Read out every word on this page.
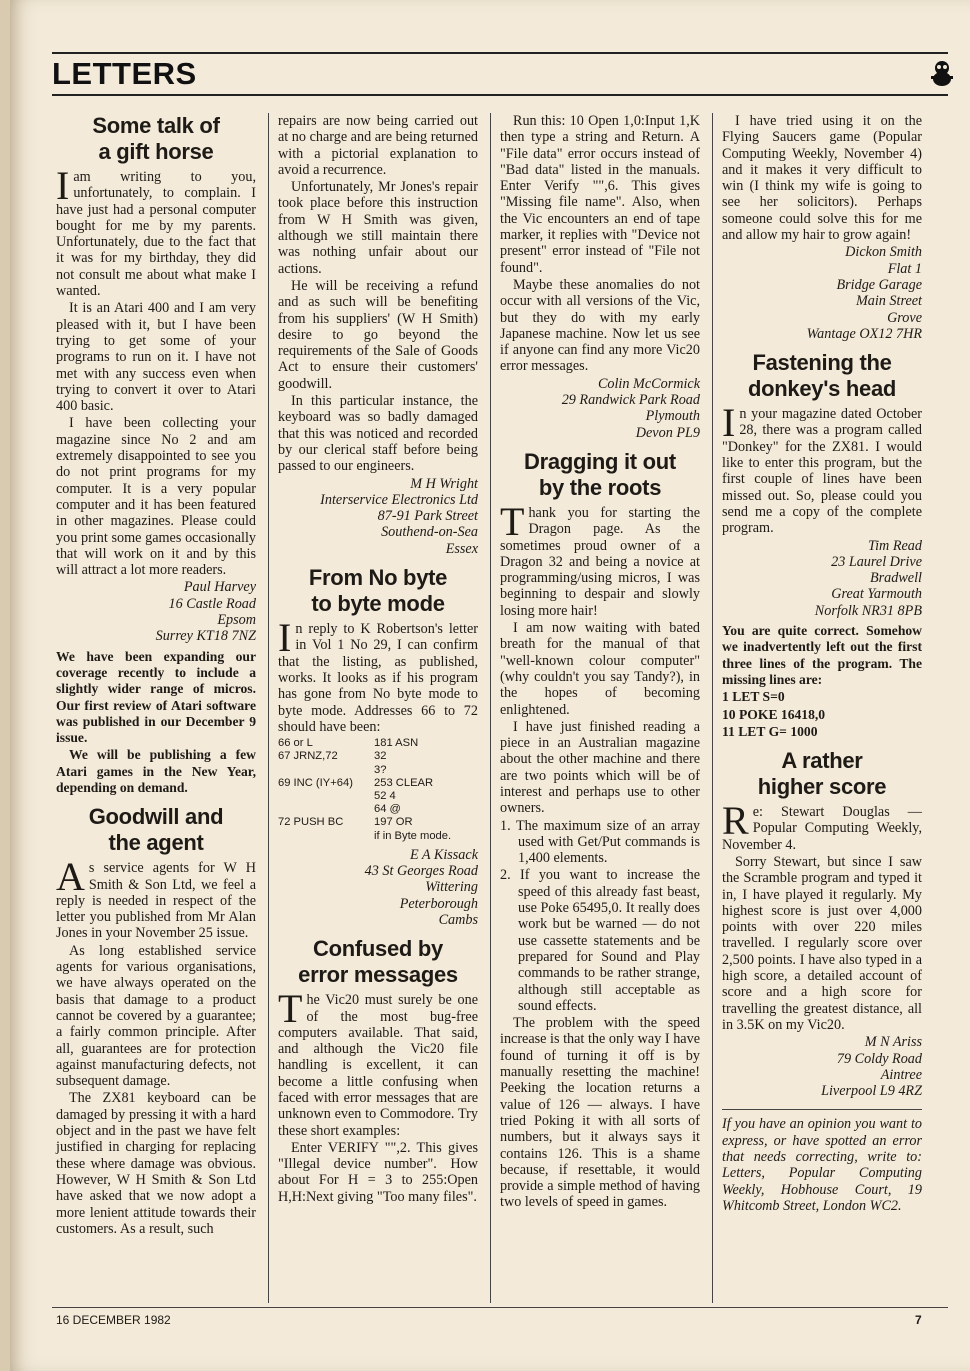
LETTERS
Some talk of
a gift horse

Iam writing to you, unfortunately, to complain. I have just had a personal computer bought for me by my parents. Unfortunately, due to the fact that it was for my birthday, they did not consult me about what make I wanted.

It is an Atari 400 and I am very pleased with it, but I have been trying to get some of your programs to run on it. I have not met with any success even when trying to convert it over to Atari 400 basic.

I have been collecting your magazine since No 2 and am extremely disappointed to see you do not print programs for my computer. It is a very popular computer and it has been featured in other magazines. Please could you print some games occasionally that will work on it and by this will attract a lot more readers.

Paul Harvey
16 Castle Road
Epsom
Surrey KT18 7NZ

We have been expanding our coverage recently to include a slightly wider range of micros. Our first review of Atari software was published in our December 9 issue.

We will be publishing a few Atari games in the New Year, depending on demand.

Goodwill and
the agent

As service agents for W H Smith & Son Ltd, we feel a reply is needed in respect of the letter you published from Mr Alan Jones in your November 25 issue.

As long established service agents for various organisations, we have always operated on the basis that damage to a product cannot be covered by a guarantee; a fairly common principle. After all, guarantees are for protection against manufacturing defects, not subsequent damage.

The ZX81 keyboard can be damaged by pressing it with a hard object and in the past we have felt justified in charging for replacing these where damage was obvious. However, W H Smith & Son Ltd have asked that we now adopt a more lenient attitude towards their customers. As a result, such

repairs are now being carried out at no charge and are being returned with a pictorial explanation to avoid a recurrence.

Unfortunately, Mr Jones's repair took place before this instruction from W H Smith was given, although we still maintain there was nothing unfair about our actions.

He will be receiving a refund and as such will be benefiting from his suppliers' (W H Smith) desire to go beyond the requirements of the Sale of Goods Act to ensure their customers' goodwill.

In this particular instance, the keyboard was so badly damaged that this was noticed and recorded by our clerical staff before being passed to our engineers.

M H Wright
Interservice Electronics Ltd
87-91 Park Street
Southend-on-Sea
Essex
From No byte
to byte mode

In reply to K Robertson's letter in Vol 1 No 29, I can confirm that the listing, as published, works. It looks as if his program has gone from No byte mode to byte mode. Addresses 66 to 72 should have been:

66 or L	181 ASN
67 JRNZ,72	32
3?
69 INC (IY+64)	253 CLEAR
52 4
64 @
72 PUSH BC	197 OR
if in Byte mode.
E A Kissack
43 St Georges Road
Wittering
Peterborough
Cambs
Confused by
error messages

The Vic20 must surely be one of the most bug-free computers available. That said, and although the Vic20 file handling is excellent, it can become a little confusing when faced with error messages that are unknown even to Commodore. Try these short examples:

Enter VERIFY "",2. This gives "Illegal device number". How about For H = 3 to 255:Open H,H:Next giving "Too many files".

Run this: 10 Open 1,0:Input 1,K then type a string and Return. A "File data" error occurs instead of "Bad data" listed in the manuals. Enter Verify "",6. This gives "Missing file name". Also, when the Vic encounters an end of tape marker, it replies with "Device not present" error instead of "File not found".

Maybe these anomalies do not occur with all versions of the Vic, but they do with my early Japanese machine. Now let us see if anyone can find any more Vic20 error messages.

Colin McCormick
29 Randwick Park Road
Plymouth
Devon PL9
Dragging it out
by the roots

Thank you for starting the Dragon page. As the sometimes proud owner of a Dragon 32 and being a novice at programming/using micros, I was beginning to despair and slowly losing more hair!

I am now waiting with bated breath for the manual of that "well-known colour computer" (why couldn't you say Tandy?), in the hopes of becoming enlightened.

I have just finished reading a piece in an Australian magazine about the other machine and there are two points which will be of interest and perhaps use to other owners.

1. The maximum size of an array used with Get/Put commands is 1,400 elements.
2. If you want to increase the speed of this already fast beast, use Poke 65495,0. It really does work but be warned — do not use cassette statements and be prepared for Sound and Play commands to be rather strange, although still acceptable as sound effects.

The problem with the speed increase is that the only way I have found of turning it off is by manually resetting the machine! Peeking the location returns a value of 126 — always. I have tried Poking it with all sorts of numbers, but it always says it contains 126. This is a shame because, if resettable, it would provide a simple method of having two levels of speed in games.

I have tried using it on the Flying Saucers game (Popular Computing Weekly, November 4) and it makes it very difficult to win (I think my wife is going to see her solicitors). Perhaps someone could solve this for me and allow my hair to grow again!

Dickon Smith
Flat 1
Bridge Garage
Main Street
Grove
Wantage OX12 7HR
Fastening the
donkey's head

In your magazine dated October 28, there was a program called "Donkey" for the ZX81. I would like to enter this program, but the first couple of lines have been missed out. So, please could you send me a copy of the complete program.

Tim Read
23 Laurel Drive
Bradwell
Great Yarmouth
Norfolk NR31 8PB

You are quite correct. Somehow we inadvertently left out the first three lines of the program. The missing lines are:

1 LET S=0

10 POKE 16418,0

11 LET G= 1000

A rather
higher score

Re: Stewart Douglas — Popular Computing Weekly, November 4.

Sorry Stewart, but since I saw the Scramble program and typed it in, I have played it regularly. My highest score is just over 4,000 points with over 220 miles travelled. I regularly score over 2,500 points. I have also typed in a high score, a detailed account of score and a high score for travelling the greatest distance, all in 3.5K on my Vic20.

M N Ariss
79 Coldy Road
Aintree
Liverpool L9 4RZ

If you have an opinion you want to express, or have spotted an error that needs correcting, write to: Letters, Popular Computing Weekly, Hobhouse Court, 19 Whitcomb Street, London WC2.

16 DECEMBER 1982	7
